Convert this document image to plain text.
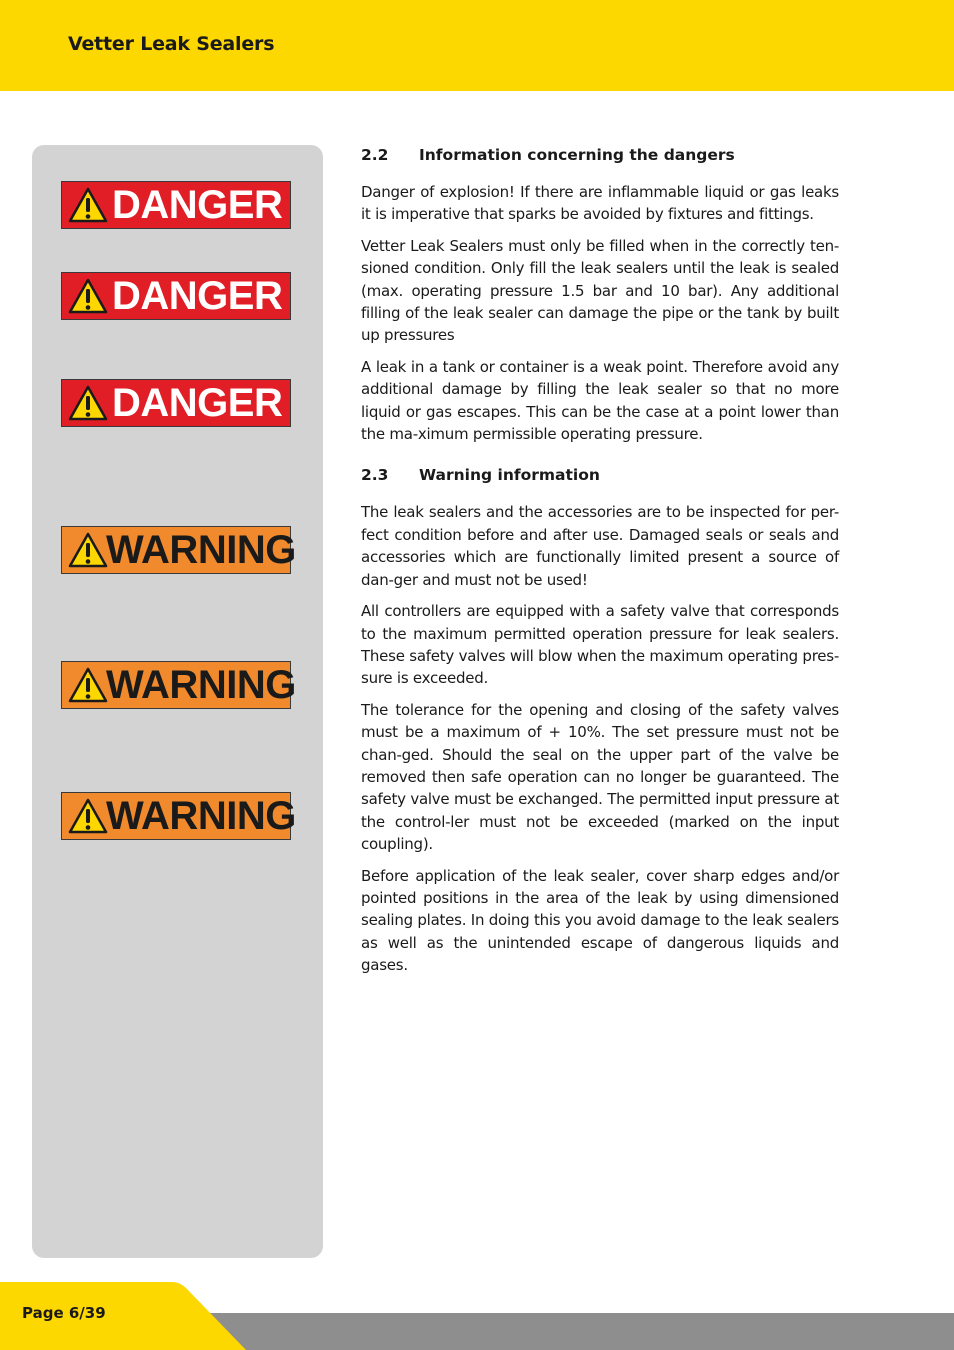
Vetter Leak Sealers
DANGER
DANGER
DANGER
WARNING
WARNING
WARNING
2.2	Information concerning the dangers

Danger of explosion! If there are inflammable liquid or gas leaks it is imperative that sparks be avoided by fixtures and fittings.

Vetter Leak Sealers must only be filled when in the correctly ten-sioned condition. Only fill the leak sealers until the leak is sealed (max. operating pressure 1.5 bar and 10 bar). Any additional filling of the leak sealer can damage the pipe or the tank by built up pressures

A leak in a tank or container is a weak point. Therefore avoid any additional damage by filling the leak sealer so that no more liquid or gas escapes. This can be the case at a point lower than the ma-ximum permissible operating pressure.

2.3	Warning information

The leak sealers and the accessories are to be inspected for per-fect condition before and after use. Damaged seals or seals and accessories which are functionally limited present a source of dan-ger and must not be used!

All controllers are equipped with a safety valve that corresponds to the maximum permitted operation pressure for leak sealers. These safety valves will blow when the maximum operating pres-sure is exceeded.

The tolerance for the opening and closing of the safety valves must be a maximum of + 10%. The set pressure must not be chan-ged. Should the seal on the upper part of the valve be removed then safe operation can no longer be guaranteed. The safety valve must be exchanged. The permitted input pressure at the control-ler must not be exceeded (marked on the input coupling).

Before application of the leak sealer, cover sharp edges and/or pointed positions in the area of the leak by using dimensioned sealing plates. In doing this you avoid damage to the leak sealers as well as the unintended escape of dangerous liquids and gases.

Page 6/39
